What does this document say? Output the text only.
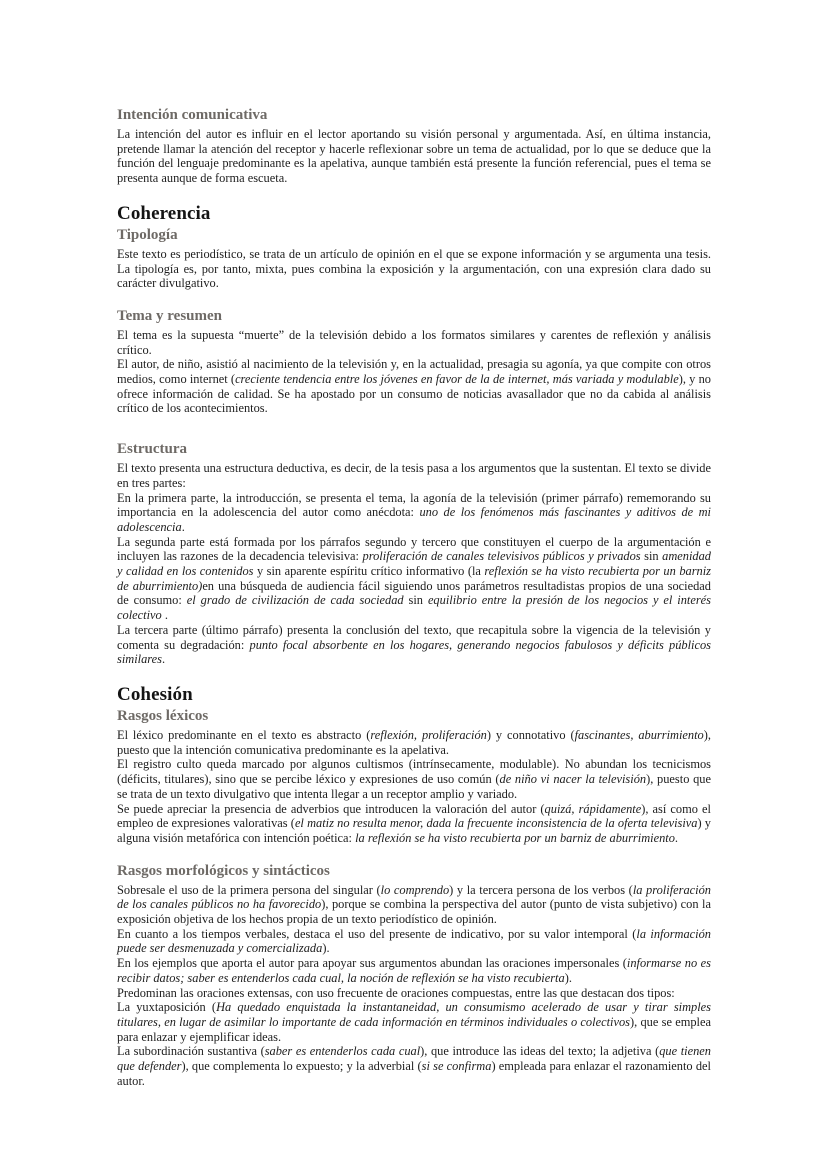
Intención comunicativa

La intención del autor es influir en el lector aportando su visión personal y argumentada. Así, en última instancia, pretende llamar la atención del receptor y hacerle reflexionar sobre un tema de actualidad, por lo que se deduce que la función del lenguaje predominante es la apelativa, aunque también está presente la función referencial, pues el tema se presenta aunque de forma escueta.

Coherencia
Tipología

Este texto es periodístico, se trata de un artículo de opinión en el que se expone información y se argumenta una tesis. La tipología es, por tanto, mixta, pues combina la exposición y la argumentación, con una expresión clara dado su carácter divulgativo.

Tema y resumen

El tema es la supuesta “muerte” de la televisión debido a los formatos similares y carentes de reflexión y análisis crítico.

El autor, de niño, asistió al nacimiento de la televisión y, en la actualidad, presagia su agonía, ya que compite con otros medios, como internet (creciente tendencia entre los jóvenes en favor de la de internet, más variada y modulable), y no ofrece información de calidad. Se ha apostado por un consumo de noticias avasallador que no da cabida al análisis crítico de los acontecimientos.

Estructura

El texto presenta una estructura deductiva, es decir, de la tesis pasa a los argumentos que la sustentan. El texto se divide en tres partes:

En la primera parte, la introducción, se presenta el tema, la agonía de la televisión (primer párrafo) rememorando su importancia en la adolescencia del autor como anécdota: uno de los fenómenos más fascinantes y aditivos de mi adolescencia.

La segunda parte está formada por los párrafos segundo y tercero que constituyen el cuerpo de la argumentación e incluyen las razones de la decadencia televisiva: proliferación de canales televisivos públicos y privados sin amenidad y calidad en los contenidos y sin aparente espíritu crítico informativo (la reflexión se ha visto recubierta por un barniz de aburrimiento)en una búsqueda de audiencia fácil siguiendo unos parámetros resultadistas propios de una sociedad de consumo: el grado de civilización de cada sociedad sin equilibrio entre la presión de los negocios y el interés colectivo .

La tercera parte (último párrafo) presenta la conclusión del texto, que recapitula sobre la vigencia de la televisión y comenta su degradación: punto focal absorbente en los hogares, generando negocios fabulosos y déficits públicos similares.

Cohesión
Rasgos léxicos

El léxico predominante en el texto es abstracto (reflexión, proliferación) y connotativo (fascinantes, aburrimiento), puesto que la intención comunicativa predominante es la apelativa.

El registro culto queda marcado por algunos cultismos (intrínsecamente, modulable). No abundan los tecnicismos (déficits, titulares), sino que se percibe léxico y expresiones de uso común (de niño vi nacer la televisión), puesto que se trata de un texto divulgativo que intenta llegar a un receptor amplio y variado.

Se puede apreciar la presencia de adverbios que introducen la valoración del autor (quizá, rápidamente), así como el empleo de expresiones valorativas (el matiz no resulta menor, dada la frecuente inconsistencia de la oferta televisiva) y alguna visión metafórica con intención poética: la reflexión se ha visto recubierta por un barniz de aburrimiento.

Rasgos morfológicos y sintácticos

Sobresale el uso de la primera persona del singular (lo comprendo) y la tercera persona de los verbos (la proliferación de los canales públicos no ha favorecido), porque se combina la perspectiva del autor (punto de vista subjetivo) con la exposición objetiva de los hechos propia de un texto periodístico de opinión.

En cuanto a los tiempos verbales, destaca el uso del presente de indicativo, por su valor intemporal (la información puede ser desmenuzada y comercializada).

En los ejemplos que aporta el autor para apoyar sus argumentos abundan las oraciones impersonales (informarse no es recibir datos; saber es entenderlos cada cual, la noción de reflexión se ha visto recubierta).

Predominan las oraciones extensas, con uso frecuente de oraciones compuestas, entre las que destacan dos tipos:

La yuxtaposición (Ha quedado enquistada la instantaneidad, un consumismo acelerado de usar y tirar simples titulares, en lugar de asimilar lo importante de cada información en términos individuales o colectivos), que se emplea para enlazar y ejemplificar ideas.

La subordinación sustantiva (saber es entenderlos cada cual), que introduce las ideas del texto; la adjetiva (que tienen que defender), que complementa lo expuesto; y la adverbial (si se confirma) empleada para enlazar el razonamiento del autor.
